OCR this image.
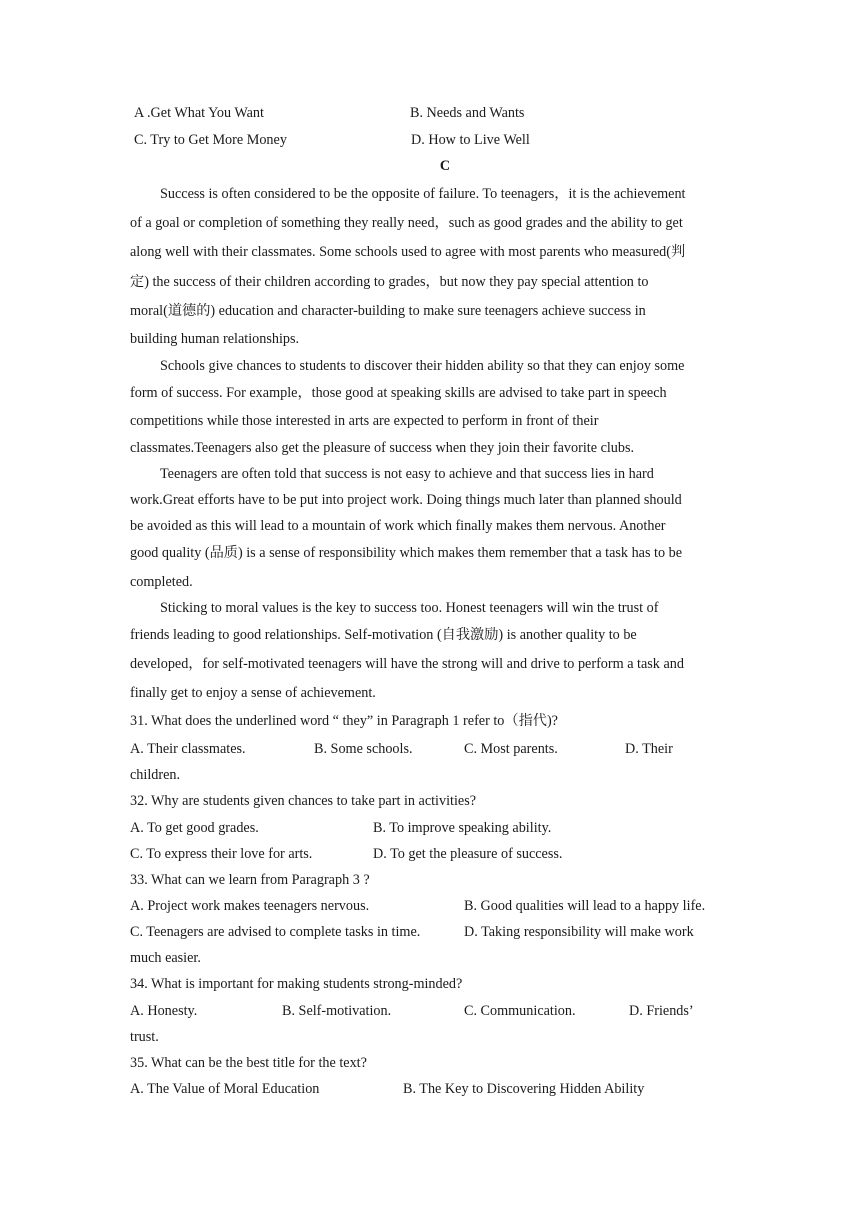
A .Get What You Want	B. Needs and Wants
C. Try to Get More Money	D. How to Live Well
C
Success is often considered to be the opposite of failure. To teenagers，it is the achievement
of a goal or completion of something they really need，such as good grades and the ability to get
along well with their classmates. Some schools used to agree with most parents who measured(判
定) the success of their children according to grades，but now they pay special attention to
moral(道德的) education and character-building to make sure teenagers achieve success in
building human relationships.
Schools give chances to students to discover their hidden ability so that they can enjoy some
form of success. For example，those good at speaking skills are advised to take part in speech
competitions while those interested in arts are expected to perform in front of their
classmates.Teenagers also get the pleasure of success when they join their favorite clubs.
Teenagers are often told that success is not easy to achieve and that success lies in hard
work.Great efforts have to be put into project work. Doing things much later than planned should
be avoided as this will lead to a mountain of work which finally makes them nervous. Another
good quality (品质) is a sense of responsibility which makes them remember that a task has to be
completed.
Sticking to moral values is the key to success too. Honest teenagers will win the trust of
friends leading to good relationships. Self-motivation (自我激励) is another quality to be
developed，for self-motivated teenagers will have the strong will and drive to perform a task and
finally get to enjoy a sense of achievement.
31. What does the underlined word “ they” in Paragraph 1 refer to（指代)?
A. Their classmates.	B. Some schools.	C. Most parents.	D. Their
children.
32. Why are students given chances to take part in activities?
A. To get good grades.	B. To improve speaking ability.
C. To express their love for arts.	D. To get the pleasure of success.
33. What can we learn from Paragraph 3 ?
A. Project work makes teenagers nervous.	B. Good qualities will lead to a happy life.
C. Teenagers are advised to complete tasks in time.	D. Taking responsibility will make work
much easier.
34. What is important for making students strong-minded?
A. Honesty.	B. Self-motivation.	C. Communication.	D. Friends’
trust.
35. What can be the best title for the text?
A. The Value of Moral Education	B. The Key to Discovering Hidden Ability
